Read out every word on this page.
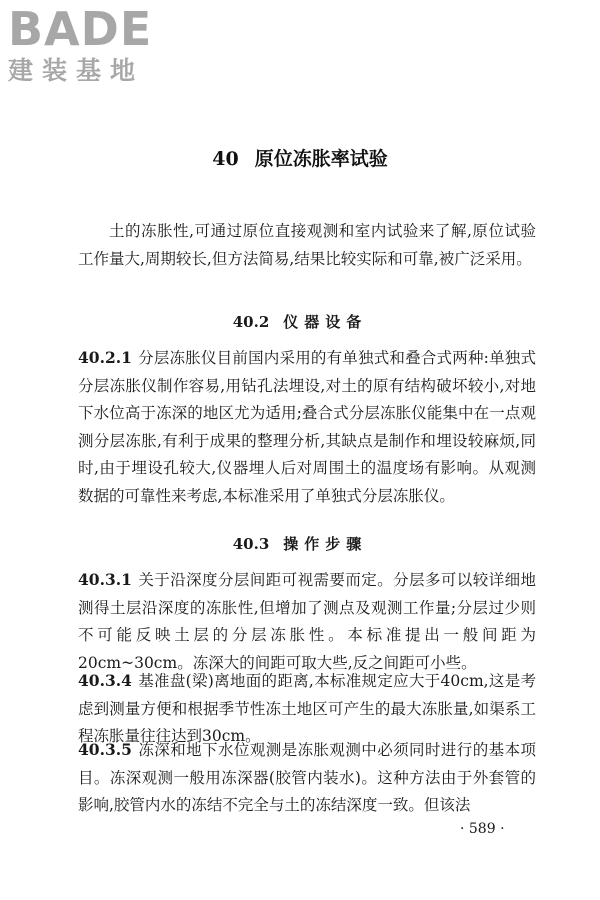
BADE
建装基地
40 原位冻胀率试验
土的冻胀性,可通过原位直接观测和室内试验来了解,原位试验工作量大,周期较长,但方法简易,结果比较实际和可靠,被广泛采用。
40.2 仪器设备
40.2.1 分层冻胀仪目前国内采用的有单独式和叠合式两种:单独式分层冻胀仪制作容易,用钻孔法埋设,对土的原有结构破坏较小,对地下水位高于冻深的地区尤为适用;叠合式分层冻胀仪能集中在一点观测分层冻胀,有利于成果的整理分析,其缺点是制作和埋设较麻烦,同时,由于埋设孔较大,仪器埋人后对周围土的温度场有影响。从观测数据的可靠性来考虑,本标准采用了单独式分层冻胀仪。
40.3 操作步骤
40.3.1 关于沿深度分层间距可视需要而定。分层多可以较详细地测得土层沿深度的冻胀性,但增加了测点及观测工作量;分层过少则不可能反映土层的分层冻胀性。本标准提出一般间距为20cm~30cm。冻深大的间距可取大些,反之间距可小些。
40.3.4 基准盘(梁)离地面的距离,本标准规定应大于40cm,这是考虑到测量方便和根据季节性冻土地区可产生的最大冻胀量,如渠系工程冻胀量往往达到30cm。
40.3.5 冻深和地下水位观测是冻胀观测中必须同时进行的基本项目。冻深观测一般用冻深器(胶管内装水)。这种方法由于外套管的影响,胶管内水的冻结不完全与土的冻结深度一致。但该法
· 589 ·
